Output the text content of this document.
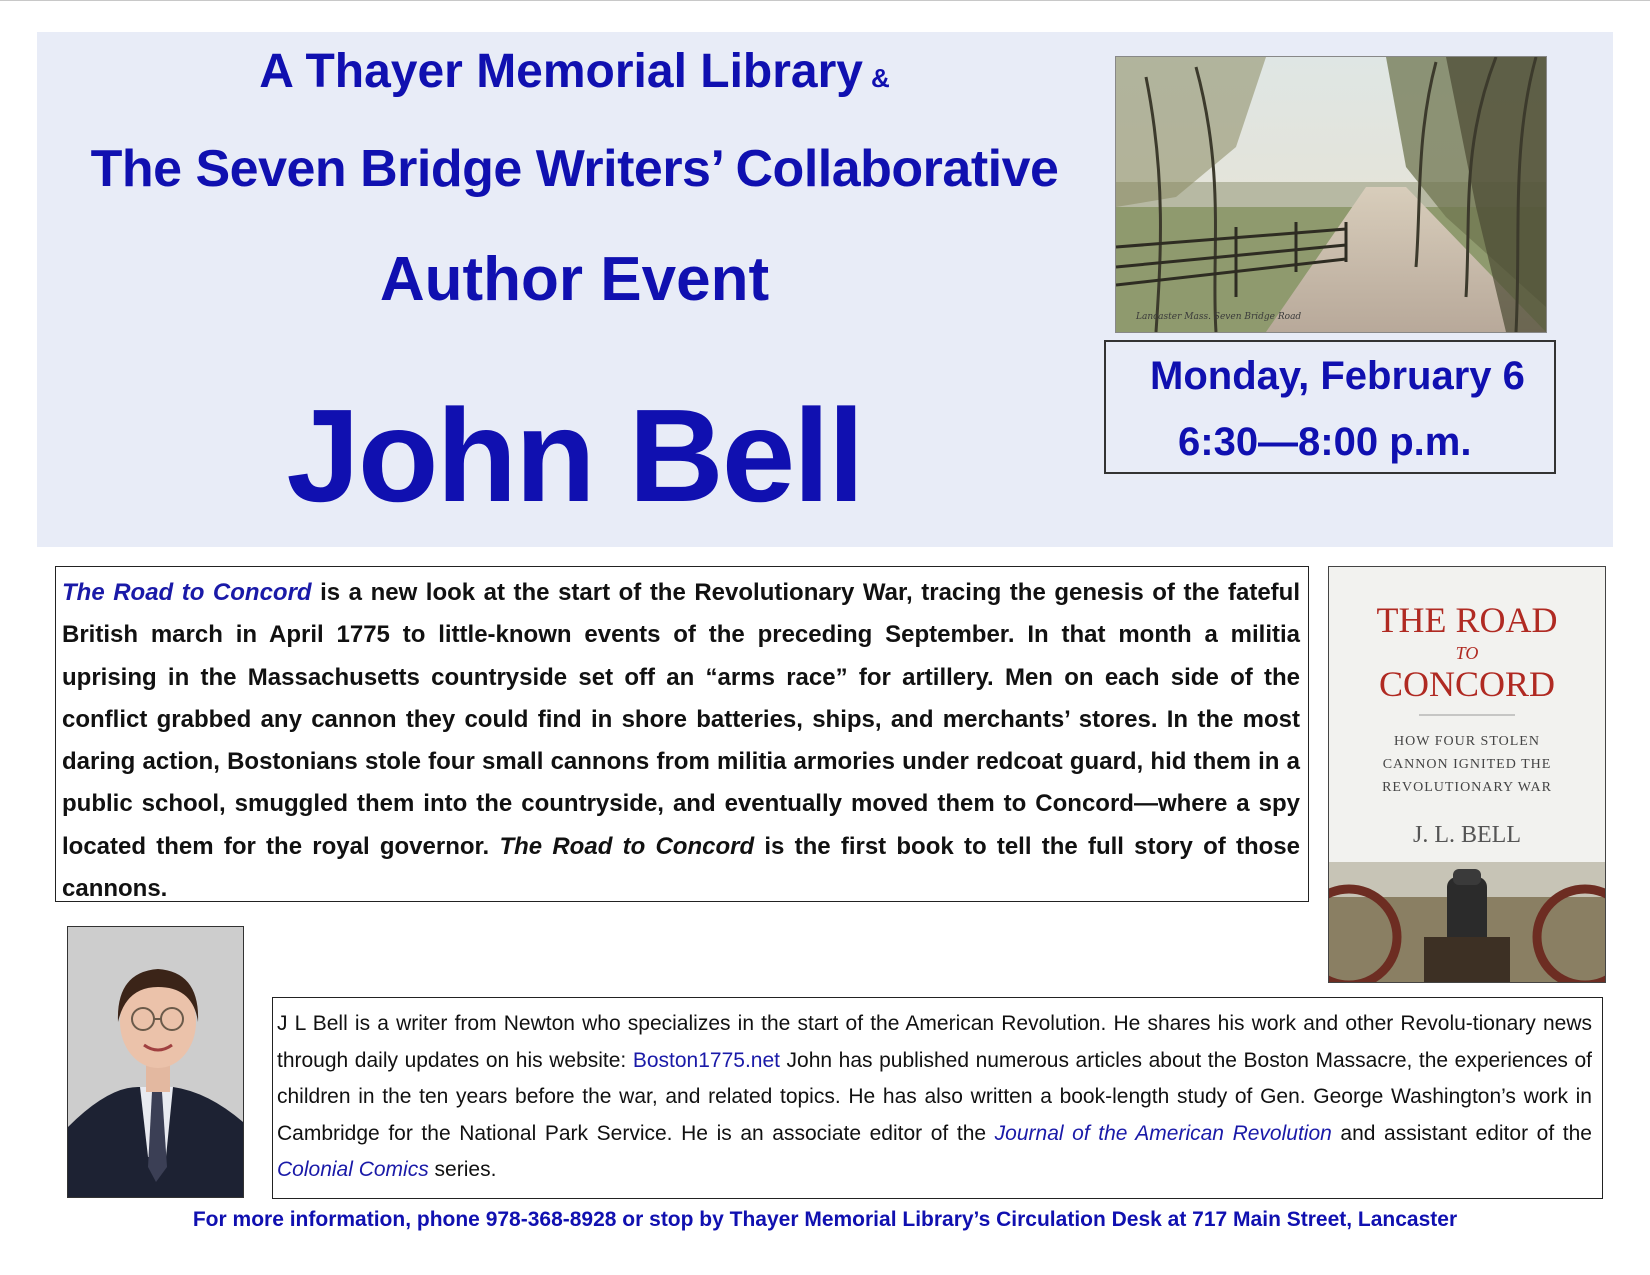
A Thayer Memorial Library &
The Seven Bridge Writers’ Collaborative
Author Event
John Bell
Lancaster Mass. Seven Bridge Road
Monday, February 6
6:30—8:00 p.m.
The Road to Concord is a new look at the start of the Revolutionary War, tracing the genesis of the fateful British march in April 1775 to little-known events of the preceding September. In that month a militia uprising in the Massachusetts countryside set off an “arms race” for artillery. Men on each side of the conflict grabbed any cannon they could find in shore batteries, ships, and merchants’ stores. In the most daring action, Bostonians stole four small cannons from militia armories under redcoat guard, hid them in a public school, smuggled them into the countryside, and eventually moved them to Concord—where a spy located them for the royal governor. The Road to Concord is the first book to tell the full story of those cannons.
THE ROAD
TO
CONCORD
HOW FOUR STOLEN
CANNON IGNITED THE
REVOLUTIONARY WAR
J. L. BELL
J L Bell is a writer from Newton who specializes in the start of the American Revolution. He shares his work and other Revolu-tionary news through daily updates on his website: Boston1775.net John has published numerous articles about the Boston Massacre, the experiences of children in the ten years before the war, and related topics. He has also written a book-length study of Gen. George Washington’s work in Cambridge for the National Park Service. He is an associate editor of the Journal of the American Revolution and assistant editor of the Colonial Comics series.
For more information, phone 978-368-8928 or stop by Thayer Memorial Library’s Circulation Desk at 717 Main Street, Lancaster
